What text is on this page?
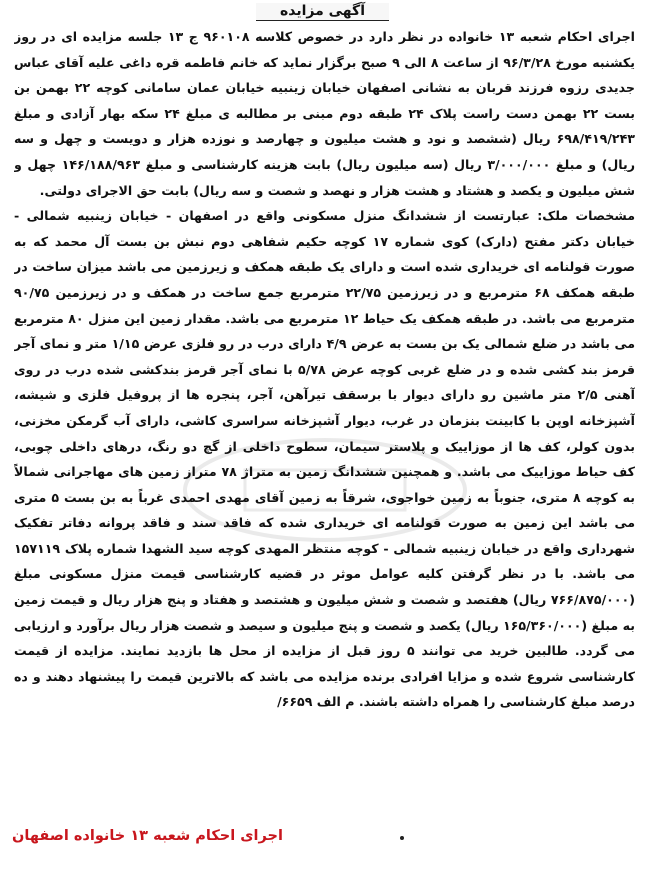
آگهی مزایده

اجرای احکام شعبه ۱۳ خانواده در نظر دارد در خصوص کلاسه ۹۶۰۱۰۸ ج ۱۳ جلسه مزایده ای در روز یکشنبه مورخ ۹۶/۳/۲۸ از ساعت ۸ الی ۹ صبح برگزار نماید که خانم فاطمه قره داغی علیه آقای عباس جدیدی رزوه فرزند قربان به نشانی اصفهان خیابان زینبیه خیابان عمان سامانی کوچه ۲۲ بهمن بن بست ۲۲ بهمن دست راست پلاک ۲۴ طبقه دوم مبنی بر مطالبه ی مبلغ ۲۴ سکه بهار آزادی و مبلغ ۶۹۸/۴۱۹/۲۴۳ ریال (ششصد و نود و هشت میلیون و چهارصد و نوزده هزار و دویست و چهل و سه ریال) و مبلغ ۳/۰۰۰/۰۰۰ ریال (سه میلیون ریال) بابت هزینه کارشناسی و مبلغ ۱۴۶/۱۸۸/۹۶۳ چهل و شش میلیون و یکصد و هشتاد و هشت هزار و نهصد و شصت و سه ریال) بابت حق الاجرای دولتی.

مشخصات ملک: عبارتست از ششدانگ منزل مسکونی واقع در اصفهان - خیابان زینبیه شمالی - خیابان دکتر مفتح (دارک) کوی شماره ۱۷ کوچه حکیم شفاهی دوم نبش بن بست آل محمد که به صورت قولنامه ای خریداری شده است و دارای یک طبقه همکف و زیرزمین می باشد میزان ساخت در طبقه همکف ۶۸ مترمربع و در زیرزمین ۲۲/۷۵ مترمربع جمع ساخت در همکف و در زیرزمین ۹۰/۷۵ مترمربع می باشد. در طبقه همکف یک حیاط ۱۲ مترمربع می باشد. مقدار زمین این منزل ۸۰ مترمربع می باشد در ضلع شمالی یک بن بست به عرض ۴/۹ دارای درب در رو فلزی عرض ۱/۱۵ متر و نمای آجر قرمز بند کشی شده و در ضلع غربی کوچه عرض ۵/۷۸ با نمای آجر قرمز بندکشی شده درب در روی آهنی ۲/۵ متر ماشین رو دارای دیوار با برسقف تیرآهن، آجر، پنجره ها از پروفیل فلزی و شیشه، آشپزخانه اوپن با کابینت بنزمان در غرب، دیوار آشپزخانه سراسری کاشی، دارای آب گرمکن مخزنی، بدون کولر، کف ها از موزاییک و پلاستر سیمان، سطوح داخلی از گچ دو رنگ، درهای داخلی چوبی، کف حیاط موزاییک می باشد. و همچنین ششدانگ زمین به متراژ ۷۸ متراز زمین های مهاجرانی شمالاً به کوچه ۸ متری، جنوباً به زمین خواجوی، شرقاً به زمین آقای مهدی احمدی غرباً به بن بست ۵ متری می باشد این زمین به صورت قولنامه ای خریداری شده که فاقد سند و فاقد پروانه دفاتر تفکیک شهرداری واقع در خیابان زینبیه شمالی - کوچه منتظر المهدی کوچه سید الشهدا شماره پلاک ۱۵۷۱۱۹ می باشد. با در نظر گرفتن کلیه عوامل موثر در قضیه کارشناسی قیمت منزل مسکونی مبلغ (۷۶۶/۸۷۵/۰۰۰ ریال) هفتصد و شصت و شش میلیون و هشتصد و هفتاد و پنج هزار ریال و قیمت زمین به مبلغ (۱۶۵/۳۶۰/۰۰۰ ریال) یکصد و شصت و پنج میلیون و سیصد و شصت هزار ریال برآورد و ارزیابی می گردد. طالبین خرید می توانند ۵ روز قبل از مزایده از محل ها بازدید نمایند. مزایده از قیمت کارشناسی شروع شده و مزایا افرادی برنده مزایده می باشد که بالاترین قیمت را پیشنهاد دهند و ده درصد مبلغ کارشناسی را همراه داشته باشند. م الف ۶۶۵۹/

اجرای احکام شعبه ۱۳ خانواده اصفهان
